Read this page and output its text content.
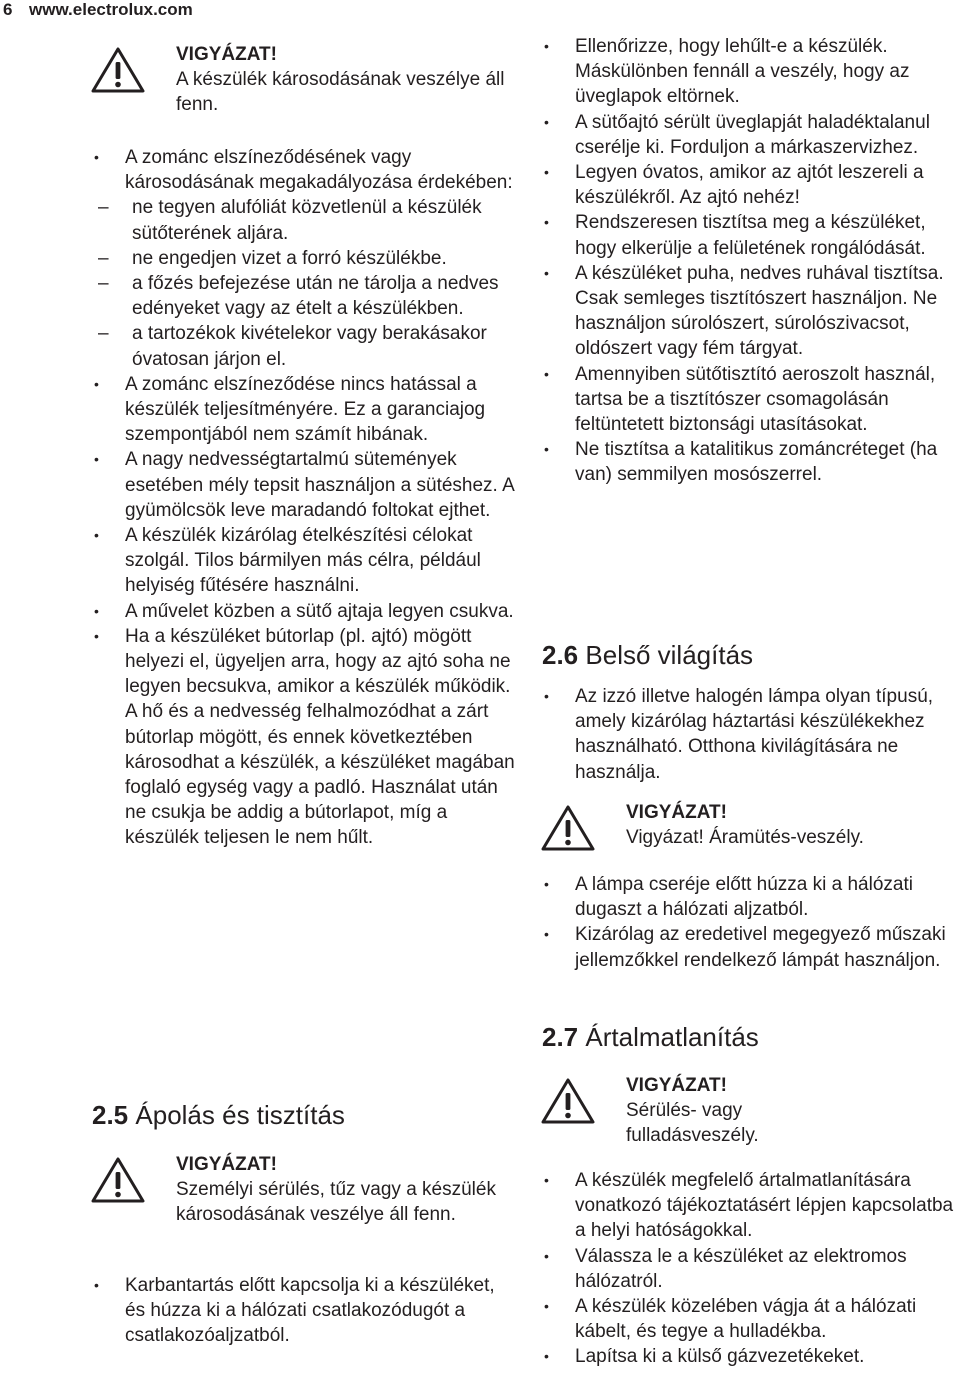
6 www.electrolux.com
VIGYÁZAT!
A készülék károsodásának veszélye áll fenn.
• A zománc elszíneződésének vagy károsodásának megakadályozása érdekében:
– ne tegyen alufóliát közvetlenül a készülék sütőterének aljára.
– ne engedjen vizet a forró készülékbe.
– a főzés befejezése után ne tárolja a nedves edényeket vagy az ételt a készülékben.
– a tartozékok kivételekor vagy berakásakor óvatosan járjon el.
• A zománc elszíneződése nincs hatással a készülék teljesítményére. Ez a garanciajog szempontjából nem számít hibának.
• A nagy nedvességtartalmú sütemények esetében mély tepsit használjon a sütéshez. A gyümölcsök leve maradandó foltokat ejthet.
• A készülék kizárólag ételkészítési célokat szolgál. Tilos bármilyen más célra, például helyiség fűtésére használni.
• A művelet közben a sütő ajtaja legyen csukva.
• Ha a készüléket bútorlap (pl. ajtó) mögött helyezi el, ügyeljen arra, hogy az ajtó soha ne legyen becsukva, amikor a készülék működik. A hő és a nedvesség felhalmozódhat a zárt bútorlap mögött, és ennek következtében károsodhat a készülék, a készüléket magában foglaló egység vagy a padló. Használat után ne csukja be addig a bútorlapot, míg a készülék teljesen le nem hűlt.
2.5 Ápolás és tisztítás
VIGYÁZAT!
Személyi sérülés, tűz vagy a készülék károsodásának veszélye áll fenn.
• Karbantartás előtt kapcsolja ki a készüléket, és húzza ki a hálózati csatlakozódugót a csatlakozóaljzatból.
• Ellenőrizze, hogy lehűlt-e a készülék. Máskülönben fennáll a veszély, hogy az üveglapok eltörnek.
• A sütőajtó sérült üveglapját haladéktalanul cserélje ki. Forduljon a márkaszervizhez.
• Legyen óvatos, amikor az ajtót leszereli a készülékről. Az ajtó nehéz!
• Rendszeresen tisztítsa meg a készüléket, hogy elkerülje a felületének rongálódását.
• A készüléket puha, nedves ruhával tisztítsa. Csak semleges tisztítószert használjon. Ne használjon súrolószert, súrolószivacsot, oldószert vagy fém tárgyat.
• Amennyiben sütőtisztító aeroszolt használ, tartsa be a tisztítószer csomagolásán feltüntetett biztonsági utasításokat.
• Ne tisztítsa a katalitikus zománcréteget (ha van) semmilyen mosószerrel.
2.6 Belső világítás
• Az izzó illetve halogén lámpa olyan típusú, amely kizárólag háztartási készülékekhez használható. Otthona kivilágítására ne használja.
VIGYÁZAT!
Vigyázat! Áramütés-veszély.
• A lámpa cseréje előtt húzza ki a hálózati dugaszt a hálózati aljzatból.
• Kizárólag az eredetivel megegyező műszaki jellemzőkkel rendelkező lámpát használjon.
2.7 Ártalmatlanítás
VIGYÁZAT!
Sérülés- vagy fulladásveszély.
• A készülék megfelelő ártalmatlanítására vonatkozó tájékoztatásért lépjen kapcsolatba a helyi hatóságokkal.
• Válassza le a készüléket az elektromos hálózatról.
• A készülék közelében vágja át a hálózati kábelt, és tegye a hulladékba.
• Lapítsa ki a külső gázvezetékeket.
